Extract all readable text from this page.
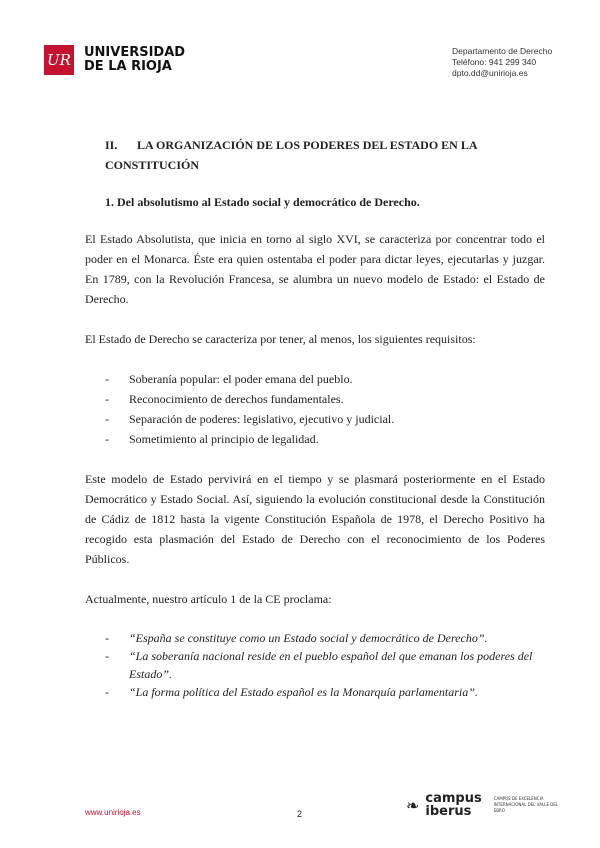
UR UNIVERSIDAD
DE LA RIOJA
Departamento de Derecho
Teléfono: 941 299 340
dpto.dd@unirioja.es
II. LA ORGANIZACIÓN DE LOS PODERES DEL ESTADO EN LA CONSTITUCIÓN
1. Del absolutismo al Estado social y democrático de Derecho.

El Estado Absolutista, que inicia en torno al siglo XVI, se caracteriza por concentrar todo el poder en el Monarca. Éste era quien ostentaba el poder para dictar leyes, ejecutarlas y juzgar. En 1789, con la Revolución Francesa, se alumbra un nuevo modelo de Estado: el Estado de Derecho.

El Estado de Derecho se caracteriza por tener, al menos, los siguientes requisitos:

- Soberanía popular: el poder emana del pueblo.
- Reconocimiento de derechos fundamentales.
- Separación de poderes: legislativo, ejecutivo y judicial.
- Sometimiento al principio de legalidad.

Este modelo de Estado pervivirá en el tiempo y se plasmará posteriormente en el Estado Democrático y Estado Social. Así, siguiendo la evolución constitucional desde la Constitución de Cádiz de 1812 hasta la vigente Constitución Española de 1978, el Derecho Positivo ha recogido esta plasmación del Estado de Derecho con el reconocimiento de los Poderes Públicos.

Actualmente, nuestro artículo 1 de la CE proclama:

- “España se constituye como un Estado social y democrático de Derecho”.
- “La soberanía nacional reside en el pueblo español del que emanan los poderes del Estado”.
- “La forma política del Estado español es la Monarquía parlamentaria”.
www.unirioja.es	2	❧ campus
iberus
CAMPUS DE EXCELENCIA INTERNACIONAL DEL VALLE DEL EBRO
